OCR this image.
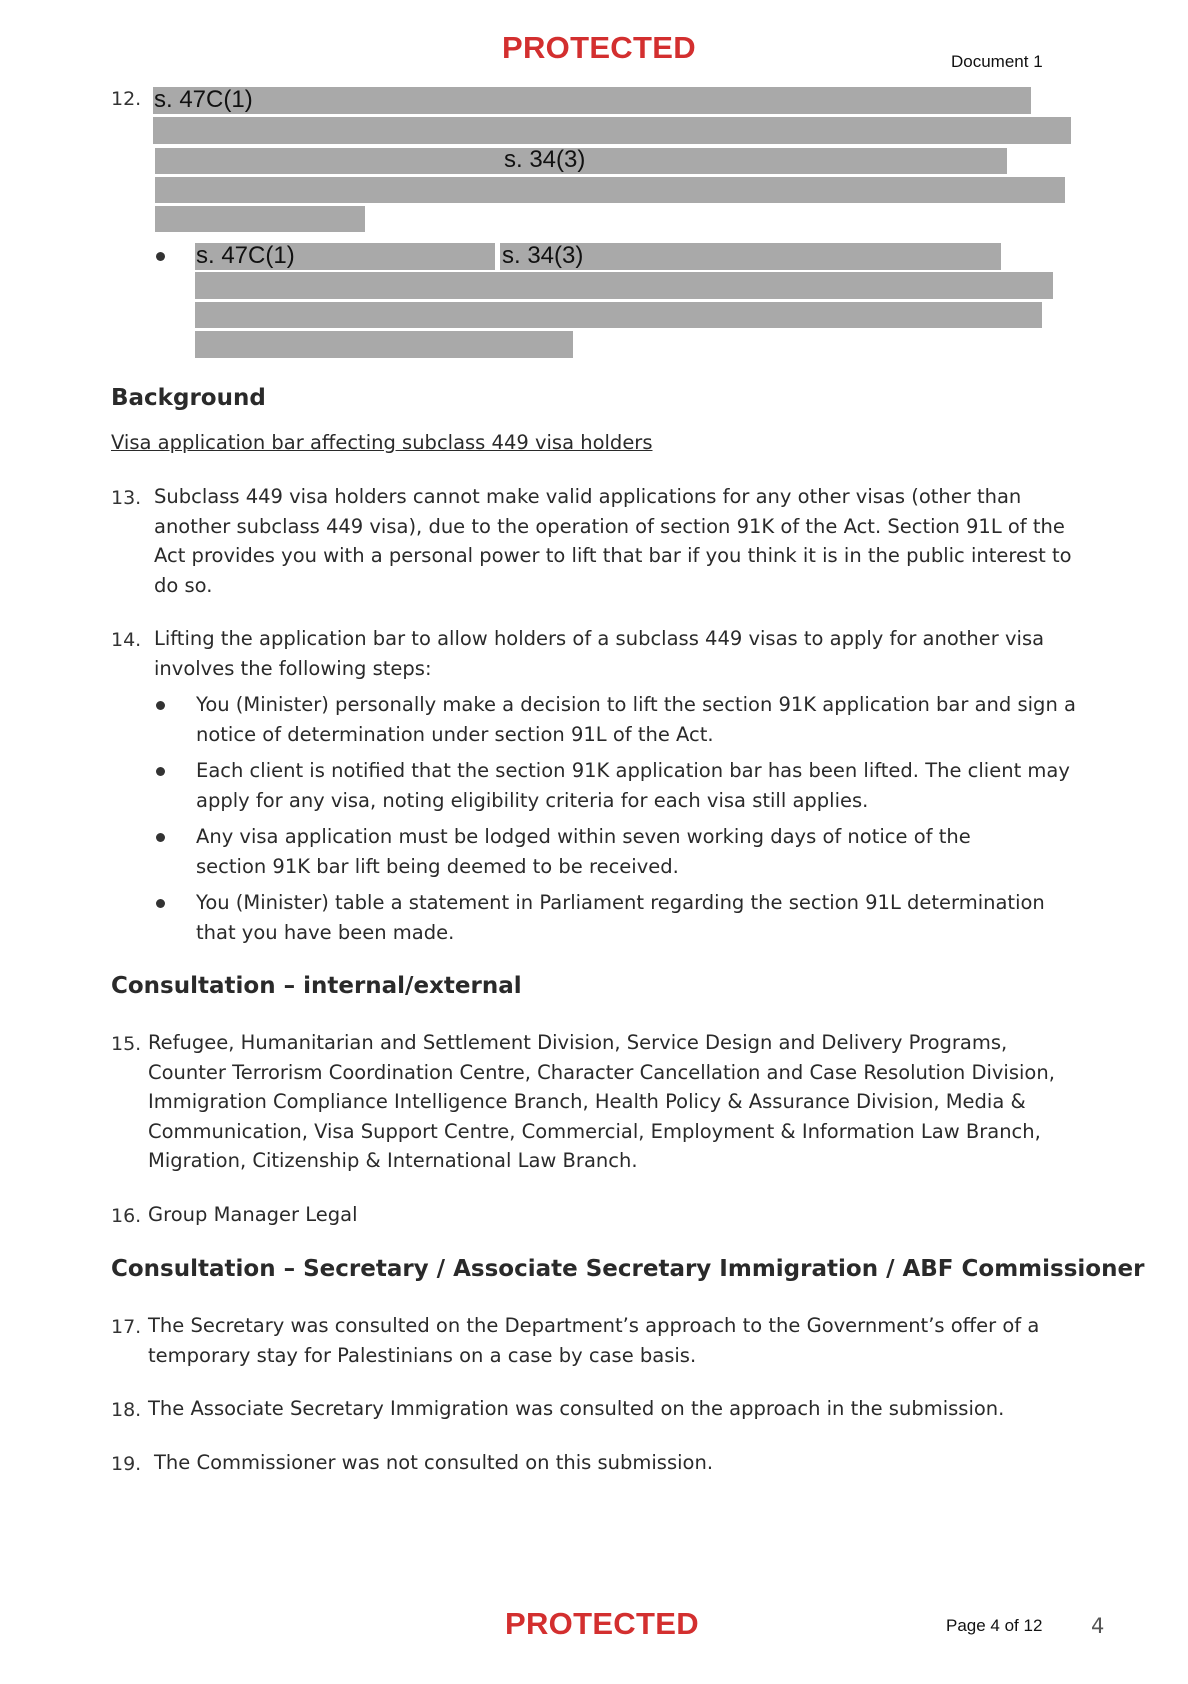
PROTECTED	Document 1
12. s. 47C(1)
s. 34(3)
s. 47C(1)	s. 34(3)
Background
Visa application bar affecting subclass 449 visa holders
13. Subclass 449 visa holders cannot make valid applications for any other visas (other than
another subclass 449 visa), due to the operation of section 91K of the Act. Section 91L of the
Act provides you with a personal power to lift that bar if you think it is in the public interest to
do so.
14. Lifting the application bar to allow holders of a subclass 449 visas to apply for another visa
involves the following steps:
You (Minister) personally make a decision to lift the section 91K application bar and sign a
notice of determination under section 91L of the Act.
Each client is notified that the section 91K application bar has been lifted. The client may
apply for any visa, noting eligibility criteria for each visa still applies.
Any visa application must be lodged within seven working days of notice of the
section 91K bar lift being deemed to be received.
You (Minister) table a statement in Parliament regarding the section 91L determination
that you have been made.
Consultation – internal/external
15. Refugee, Humanitarian and Settlement Division, Service Design and Delivery Programs,
Counter Terrorism Coordination Centre, Character Cancellation and Case Resolution Division,
Immigration Compliance Intelligence Branch, Health Policy & Assurance Division, Media &
Communication, Visa Support Centre, Commercial, Employment & Information Law Branch,
Migration, Citizenship & International Law Branch.
16. Group Manager Legal
Consultation – Secretary / Associate Secretary Immigration / ABF Commissioner
17. The Secretary was consulted on the Department’s approach to the Government’s offer of a
temporary stay for Palestinians on a case by case basis.
18. The Associate Secretary Immigration was consulted on the approach in the submission.
19. The Commissioner was not consulted on this submission.
PROTECTED	Page 4 of 12 4
